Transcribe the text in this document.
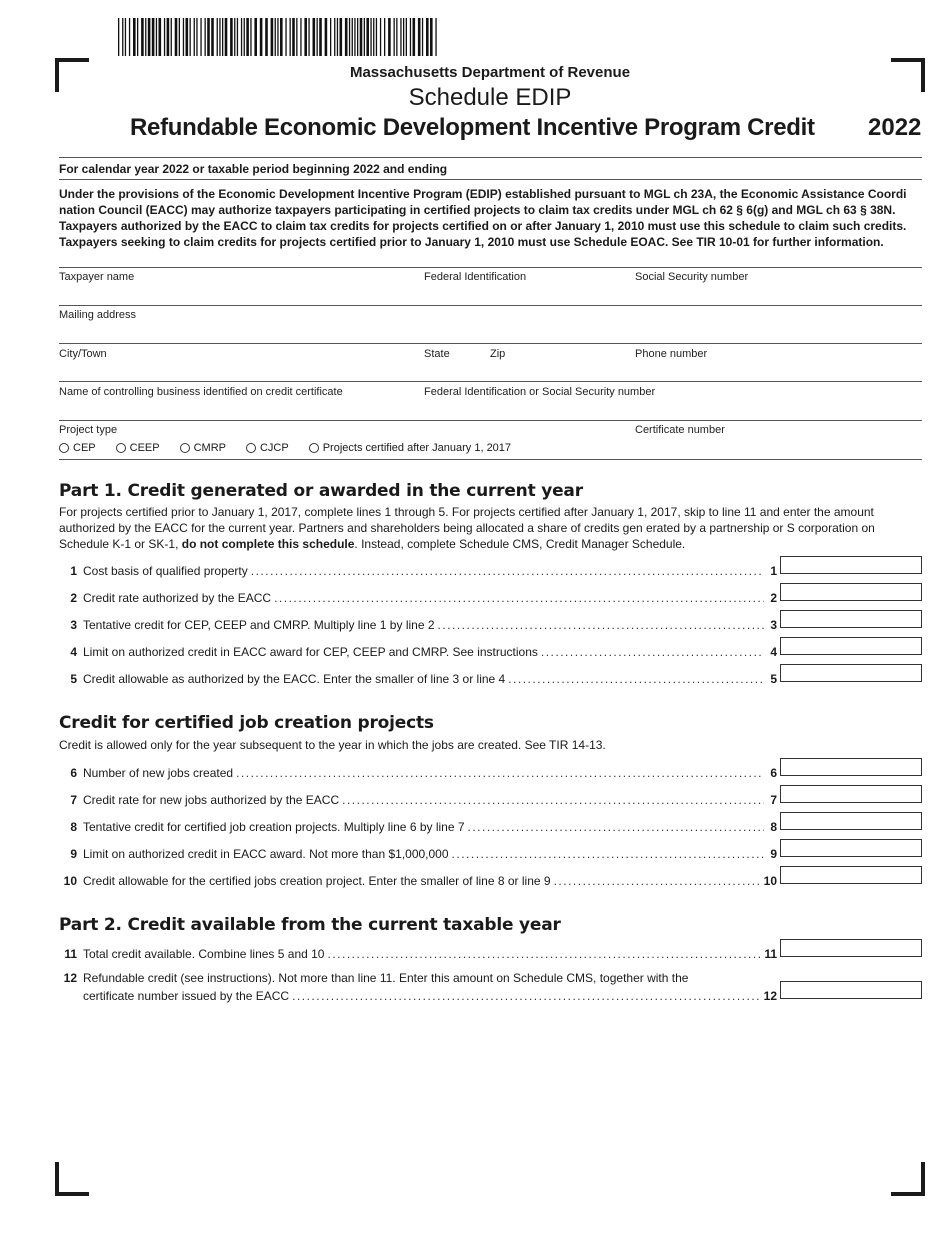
Massachusetts Department of Revenue
Schedule EDIP
Refundable Economic Development Incentive Program Credit 2022
For calendar year 2022 or taxable period beginning 2022 and ending
Under the provisions of the Economic Development Incentive Program (EDIP) established pursuant to MGL ch 23A, the Economic Assistance Coordi nation Council (EACC) may authorize taxpayers participating in certified projects to claim tax credits under MGL ch 62 § 6(g) and MGL ch 63 § 38N. Taxpayers authorized by the EACC to claim tax credits for projects certified on or after January 1, 2010 must use this schedule to claim such credits. Taxpayers seeking to claim credits for projects certified prior to January 1, 2010 must use Schedule EOAC. See TIR 10-01 for further information.
Taxpayer name	Federal Identification	Social Security number
Mailing address
City/Town	State	Zip	Phone number
Name of controlling business identified on credit certificate	Federal Identification or Social Security number
Project type	Certificate number
CEP	CEEP	CMRP	CJCP	Projects certified after January 1, 2017
Part 1. Credit generated or awarded in the current year
For projects certified prior to January 1, 2017, complete lines 1 through 5. For projects certified after January 1, 2017, skip to line 11 and enter the amount authorized by the EACC for the current year. Partners and shareholders being allocated a share of credits gen erated by a partnership or S corporation on Schedule K-1 or SK-1, do not complete this schedule. Instead, complete Schedule CMS, Credit Manager Schedule.
1 Cost basis of qualified property .....	1
2 Credit rate authorized by the EACC .....	2
3 Tentative credit for CEP, CEEP and CMRP. Multiply line 1 by line 2 .....	3
4 Limit on authorized credit in EACC award for CEP, CEEP and CMRP. See instructions .....	4
5 Credit allowable as authorized by the EACC. Enter the smaller of line 3 or line 4 .....	5
Credit for certified job creation projects
Credit is allowed only for the year subsequent to the year in which the jobs are created. See TIR 14-13.
6 Number of new jobs created .....	6
7 Credit rate for new jobs authorized by the EACC .....	7
8 Tentative credit for certified job creation projects. Multiply line 6 by line 7 .....	8
9 Limit on authorized credit in EACC award. Not more than $1,000,000 .....	9
10 Credit allowable for the certified jobs creation project. Enter the smaller of line 8 or line 9 .....	10
Part 2. Credit available from the current taxable year
11 Total credit available. Combine lines 5 and 10 .....	11
12 Refundable credit (see instructions). Not more than line 11. Enter this amount on Schedule CMS, together with the
certificate number issued by the EACC .....	12
